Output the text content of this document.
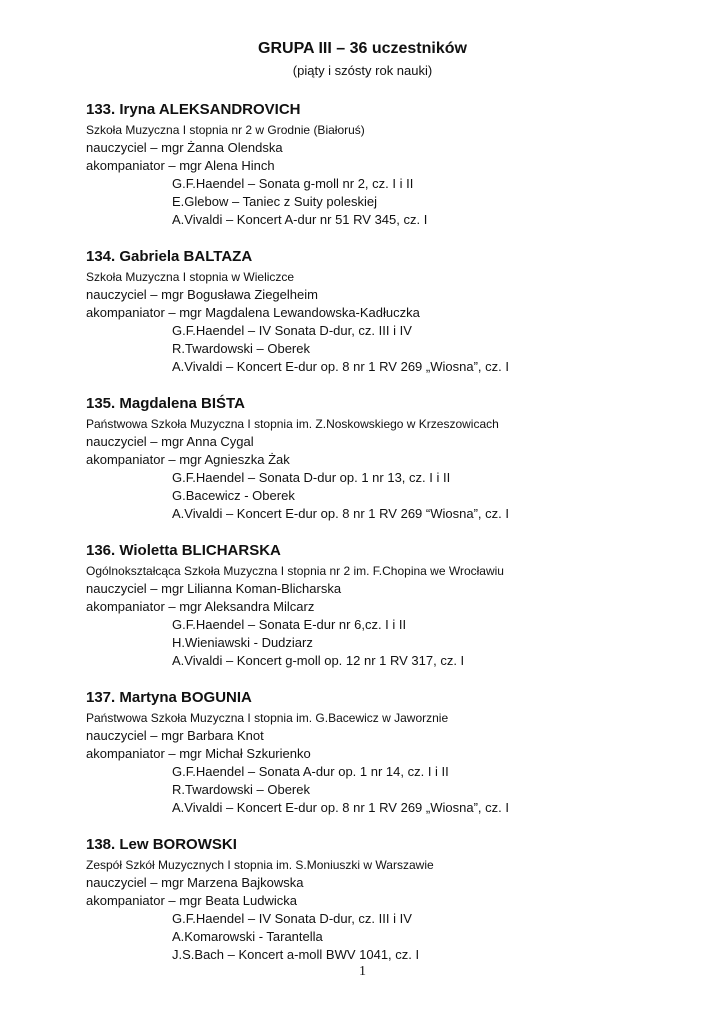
GRUPA III – 36 uczestników
(piąty i szósty rok nauki)
133. Iryna ALEKSANDROVICH
Szkoła Muzyczna I stopnia nr 2 w Grodnie (Białoruś)
nauczyciel – mgr Żanna Olendska
akompaniator – mgr Alena Hinch
G.F.Haendel – Sonata g-moll nr 2, cz. I i II
E.Glebow – Taniec z Suity poleskiej
A.Vivaldi – Koncert A-dur nr 51 RV 345, cz. I
134. Gabriela BALTAZA
Szkoła Muzyczna I stopnia w Wieliczce
nauczyciel – mgr Bogusława Ziegelheim
akompaniator – mgr Magdalena Lewandowska-Kadłuczka
G.F.Haendel – IV Sonata D-dur, cz. III i IV
R.Twardowski – Oberek
A.Vivaldi – Koncert E-dur op. 8 nr 1 RV 269 „Wiosna”, cz. I
135. Magdalena BIŚTA
Państwowa Szkoła Muzyczna I stopnia im. Z.Noskowskiego w Krzeszowicach
nauczyciel – mgr Anna Cygal
akompaniator – mgr Agnieszka Żak
G.F.Haendel – Sonata D-dur op. 1 nr 13, cz. I i II
G.Bacewicz - Oberek
A.Vivaldi – Koncert E-dur op. 8 nr 1 RV 269 “Wiosna”, cz. I
136. Wioletta BLICHARSKA
Ogólnokształcąca Szkoła Muzyczna I stopnia nr 2 im. F.Chopina we Wrocławiu
nauczyciel – mgr Lilianna Koman-Blicharska
akompaniator – mgr Aleksandra Milcarz
G.F.Haendel – Sonata E-dur nr 6,cz. I i II
H.Wieniawski - Dudziarz
A.Vivaldi – Koncert g-moll op. 12 nr 1 RV 317, cz. I
137. Martyna BOGUNIA
Państwowa Szkoła Muzyczna I stopnia im. G.Bacewicz w Jaworznie
nauczyciel – mgr Barbara Knot
akompaniator – mgr Michał Szkurienko
G.F.Haendel – Sonata A-dur op. 1 nr 14, cz. I i II
R.Twardowski – Oberek
A.Vivaldi – Koncert E-dur op. 8 nr 1 RV 269 „Wiosna”, cz. I
138. Lew BOROWSKI
Zespół Szkół Muzycznych I stopnia im. S.Moniuszki w Warszawie
nauczyciel – mgr Marzena Bajkowska
akompaniator – mgr Beata Ludwicka
G.F.Haendel – IV Sonata D-dur, cz. III i IV
A.Komarowski - Tarantella
J.S.Bach – Koncert a-moll BWV 1041, cz. I
1
